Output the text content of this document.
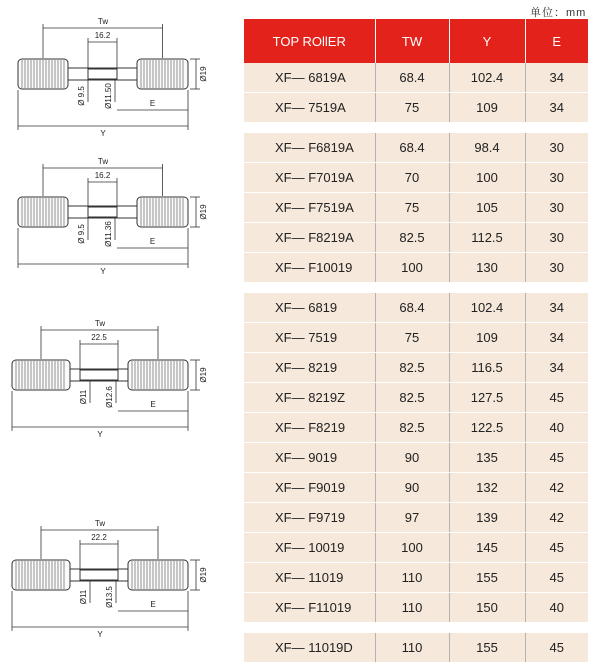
Tw
16.2
Ø19
Ø 9.5 Ø11.50	E
Y
Tw
16.2
Ø19
Ø 9.5 Ø11.36	E
Y
Tw
22.5
Ø19
Ø11 Ø12.6	E
Y
Tw
22.2
Ø19
Ø11 Ø13.5	E
Y
单位：mm
TOP ROllER	TW	Y	E
XF— 6819A	68.4	102.4	34
XF— 7519A	75	109	34

XF— F6819A	68.4	98.4	30
XF— F7019A	70	100	30
XF— F7519A	75	105	30
XF— F8219A	82.5	112.5	30
XF— F10019	100	130	30

XF— 6819	68.4	102.4	34
XF— 7519	75	109	34
XF— 8219	82.5	116.5	34
XF— 8219Z	82.5	127.5	45
XF— F8219	82.5	122.5	40
XF— 9019	90	135	45
XF— F9019	90	132	42
XF— F9719	97	139	42
XF— 10019	100	145	45
XF— 11019	110	155	45
XF— F11019	110	150	40

XF— 11019D	110	155	45
